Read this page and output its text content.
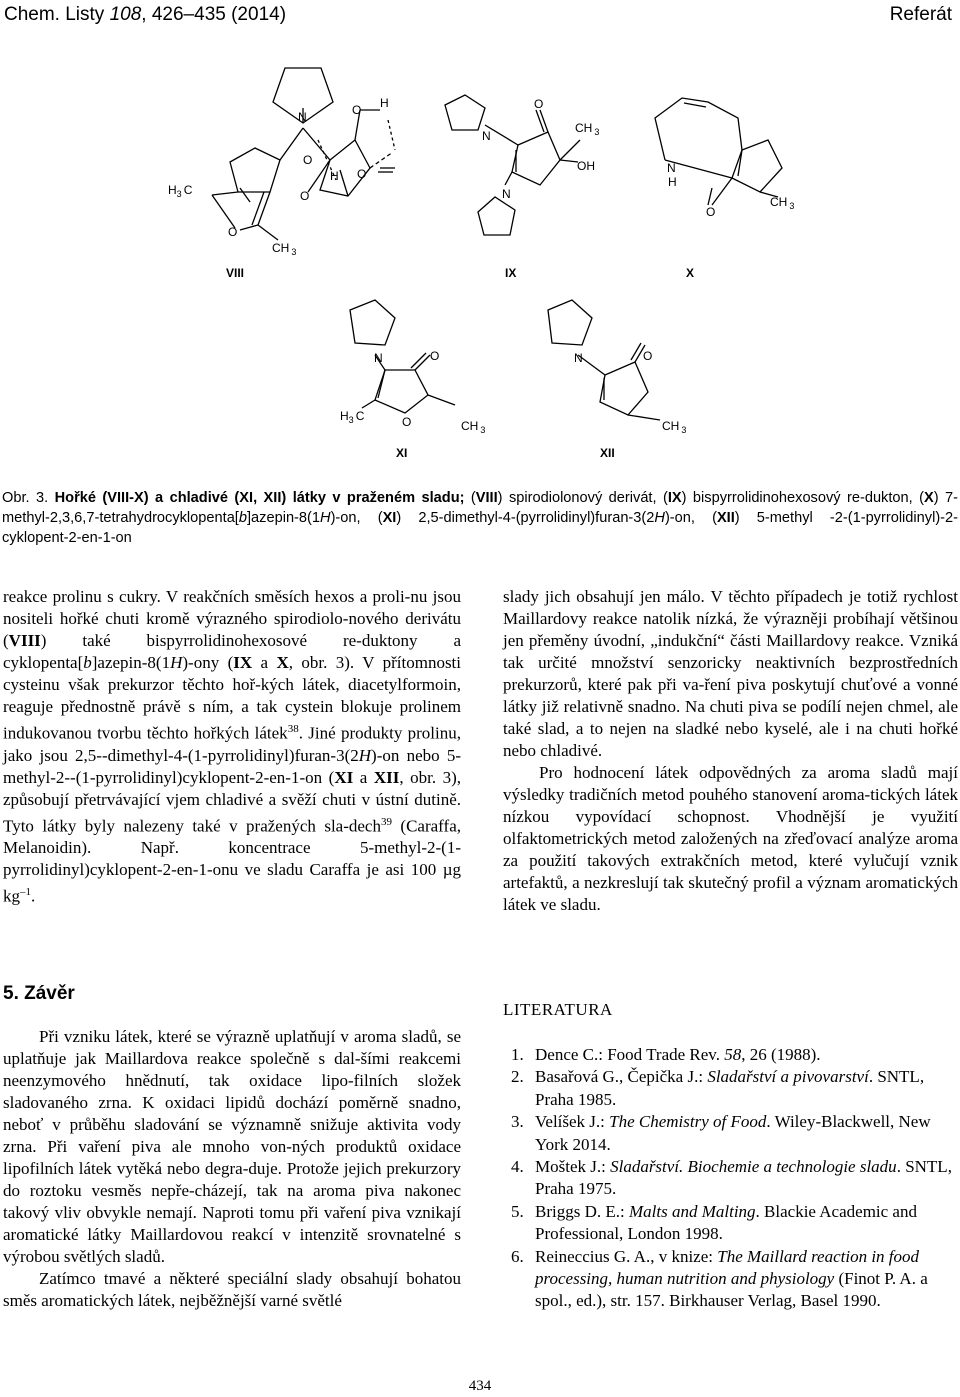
Chem. Listy 108, 426–435 (2014)	Referát
N	O H
O
O
H O
$H_3$ C
O
CH $_3$
N
O
CH $_3$
OH
N
N
H
O
CH $_3$
N	O
$H_3$ C	O	CH $_3$
N	O
CH $_3$
VIII	IX	X
XI	XII
Obr. 3. Hořké (VIII-X) a chladivé (XI, XII) látky v praženém sladu; (VIII) spirodiolonový derivát, (IX) bispyrrolidinohexosový re-dukton, (X) 7-methyl-2,3,6,7-tetrahydrocyklopenta[b]azepin-8(1H)-on, (XI) 2,5-dimethyl-4-(pyrrolidinyl)furan-3(2H)-on, (XII) 5-methyl -2-(1-pyrrolidinyl)-2-cyklopent-2-en-1-on

reakce prolinu s cukry. V reakčních směsích hexos a proli-nu jsou nositeli hořké chuti kromě výrazného spirodiolo-nového derivátu (VIII) také bispyrrolidinohexosové re-duktony a cyklopenta[b]azepin-8(1H)-ony (IX a X, obr. 3). V přítomnosti cysteinu však prekurzor těchto hoř-kých látek, diacetylformoin, reaguje přednostně právě s ním, a tak cystein blokuje prolinem indukovanou tvorbu těchto hořkých látek$^{38}$. Jiné produkty prolinu, jako jsou 2,5--dimethyl-4-(1-pyrrolidinyl)furan-3(2H)-on nebo 5-methyl-2--(1-pyrrolidinyl)cyklopent-2-en-1-on (XI a XII, obr. 3), způsobují přetrvávající vjem chladivé a svěží chuti v ústní dutině. Tyto látky byly nalezeny také v pražených sla-dech$^{39}$ (Caraffa, Melanoidin). Např. koncentrace 5-methyl-2-(1-pyrrolidinyl)cyklopent-2-en-1-onu ve sladu Caraffa je asi 100 µg $kg^{-1}$.

5. Závěr

Při vzniku látek, které se výrazně uplatňují v aroma sladů, se uplatňuje jak Maillardova reakce společně s dal-šími reakcemi neenzymového hnědnutí, tak oxidace lipo-filních složek sladovaného zrna. K oxidaci lipidů dochází poměrně snadno, neboť v průběhu sladování se významně snižuje aktivita vody zrna. Při vaření piva ale mnoho von-ných produktů oxidace lipofilních látek vytěká nebo degra-duje. Protože jejich prekurzory do roztoku vesměs nepře-cházejí, tak na aroma piva nakonec takový vliv obvykle nemají. Naproti tomu při vaření piva vznikají aromatické látky Maillardovou reakcí v intenzitě srovnatelné s výrobou světlých sladů.

Zatímco tmavé a některé speciální slady obsahují bohatou směs aromatických látek, nejběžnější varné světlé

slady jich obsahují jen málo. V těchto případech je totiž rychlost Maillardovy reakce natolik nízká, že výrazněji probíhají většinou jen přeměny úvodní, „indukční“ části Maillardovy reakce. Vzniká tak určité množství senzoricky neaktivních bezprostředních prekurzorů, které pak při va-ření piva poskytují chuťové a vonné látky již relativně snadno. Na chuti piva se podílí nejen chmel, ale také slad, a to nejen na sladké nebo kyselé, ale i na chuti hořké nebo chladivé.

Pro hodnocení látek odpovědných za aroma sladů mají výsledky tradičních metod pouhého stanovení aroma-tických látek nízkou vypovídací schopnost. Vhodnější je využití olfaktometrických metod založených na zřeďovací analýze aroma za použití takových extrakčních metod, které vylučují vznik artefaktů, a nezkreslují tak skutečný profil a význam aromatických látek ve sladu.

LITERATURA
1. Dence C.: Food Trade Rev. 58, 26 (1988).
2. Basařová G., Čepička J.: Sladаřství a pivovarství. SNTL, Praha 1985.
3. Velíšek J.: The Chemistry of Food. Wiley-Blackwell, New York 2014.
4. Moštek J.: Sladаřství. Biochemie a technologie sladu. SNTL, Praha 1975.
5. Briggs D. E.: Malts and Malting. Blackie Academic and Professional, London 1998.
6. Reineccius G. A., v knize: The Maillard reaction in food processing, human nutrition and physiology (Finot P. A. a spol., ed.), str. 157. Birkhauser Verlag, Basel 1990.
434
